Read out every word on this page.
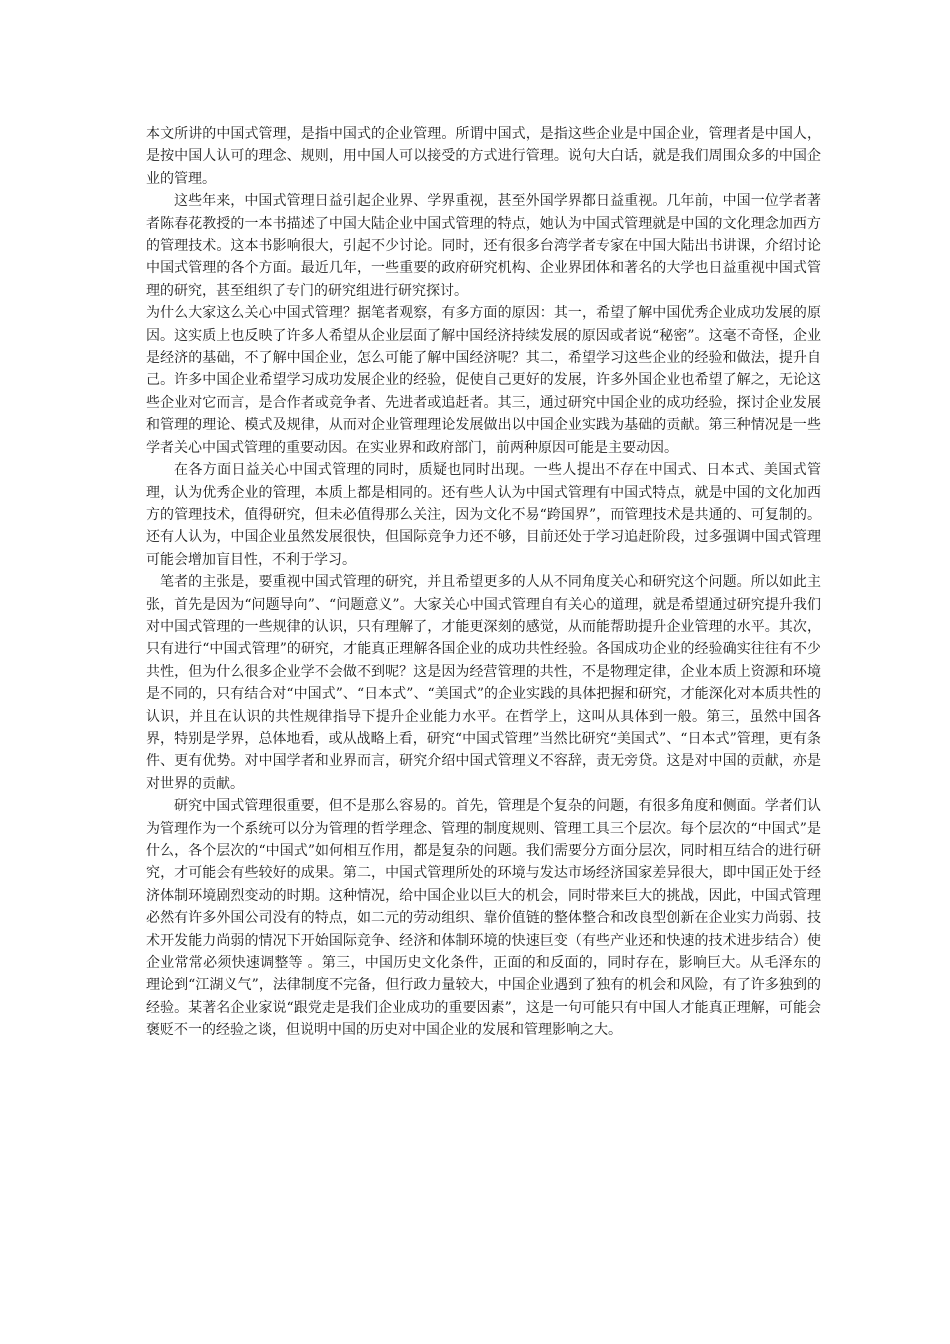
本文所讲的中国式管理，是指中国式的企业管理。所谓中国式，是指这些企业是中国企业，管理者是中国人，是按中国人认可的理念、规则，用中国人可以接受的方式进行管理。说句大白话，就是我们周围众多的中国企业的管理。

这些年来，中国式管理日益引起企业界、学界重视，甚至外国学界都日益重视。几年前，中国一位学者著者陈春花教授的一本书描述了中国大陆企业中国式管理的特点，她认为中国式管理就是中国的文化理念加西方的管理技术。这本书影响很大，引起不少讨论。同时，还有很多台湾学者专家在中国大陆出书讲课，介绍讨论中国式管理的各个方面。最近几年，一些重要的政府研究机构、企业界团体和著名的大学也日益重视中国式管理的研究，甚至组织了专门的研究组进行研究探讨。

为什么大家这么关心中国式管理？据笔者观察，有多方面的原因：其一，希望了解中国优秀企业成功发展的原因。这实质上也反映了许多人希望从企业层面了解中国经济持续发展的原因或者说“秘密”。这毫不奇怪，企业是经济的基础，不了解中国企业，怎么可能了解中国经济呢？其二，希望学习这些企业的经验和做法，提升自己。许多中国企业希望学习成功发展企业的经验，促使自己更好的发展，许多外国企业也希望了解之，无论这些企业对它而言，是合作者或竞争者、先进者或追赶者。其三，通过研究中国企业的成功经验，探讨企业发展和管理的理论、模式及规律，从而对企业管理理论发展做出以中国企业实践为基础的贡献。第三种情况是一些学者关心中国式管理的重要动因。在实业界和政府部门，前两种原因可能是主要动因。

在各方面日益关心中国式管理的同时，质疑也同时出现。一些人提出不存在中国式、日本式、美国式管理，认为优秀企业的管理，本质上都是相同的。还有些人认为中国式管理有中国式特点，就是中国的文化加西方的管理技术，值得研究，但未必值得那么关注，因为文化不易“跨国界”，而管理技术是共通的、可复制的。还有人认为，中国企业虽然发展很快，但国际竞争力还不够，目前还处于学习追赶阶段，过多强调中国式管理可能会增加盲目性，不利于学习。

笔者的主张是，要重视中国式管理的研究，并且希望更多的人从不同角度关心和研究这个问题。所以如此主张，首先是因为“问题导向”、“问题意义”。大家关心中国式管理自有关心的道理，就是希望通过研究提升我们对中国式管理的一些规律的认识，只有理解了，才能更深刻的感觉，从而能帮助提升企业管理的水平。其次，只有进行“中国式管理”的研究，才能真正理解各国企业的成功共性经验。各国成功企业的经验确实往往有不少共性，但为什么很多企业学不会做不到呢？这是因为经营管理的共性，不是物理定律，企业本质上资源和环境是不同的，只有结合对“中国式”、“日本式”、“美国式”的企业实践的具体把握和研究，才能深化对本质共性的认识，并且在认识的共性规律指导下提升企业能力水平。在哲学上，这叫从具体到一般。第三，虽然中国各界，特别是学界，总体地看，或从战略上看，研究“中国式管理”当然比研究“美国式”、“日本式”管理，更有条件、更有优势。对中国学者和业界而言，研究介绍中国式管理义不容辞，责无旁贷。这是对中国的贡献，亦是对世界的贡献。

研究中国式管理很重要，但不是那么容易的。首先，管理是个复杂的问题，有很多角度和侧面。学者们认为管理作为一个系统可以分为管理的哲学理念、管理的制度规则、管理工具三个层次。每个层次的“中国式”是什么，各个层次的“中国式”如何相互作用，都是复杂的问题。我们需要分方面分层次，同时相互结合的进行研究，才可能会有些较好的成果。第二，中国式管理所处的环境与发达市场经济国家差异很大，即中国正处于经济体制环境剧烈变动的时期。这种情况，给中国企业以巨大的机会，同时带来巨大的挑战，因此，中国式管理必然有许多外国公司没有的特点，如二元的劳动组织、靠价值链的整体整合和改良型创新在企业实力尚弱、技术开发能力尚弱的情况下开始国际竞争、经济和体制环境的快速巨变（有些产业还和快速的技术进步结合）使企业常常必须快速调整等 。第三，中国历史文化条件，正面的和反面的，同时存在，影响巨大。从毛泽东的理论到“江湖义气”，法律制度不完备，但行政力量较大，中国企业遇到了独有的机会和风险，有了许多独到的经验。某著名企业家说“跟党走是我们企业成功的重要因素”，这是一句可能只有中国人才能真正理解，可能会褒贬不一的经验之谈，但说明中国的历史对中国企业的发展和管理影响之大。
